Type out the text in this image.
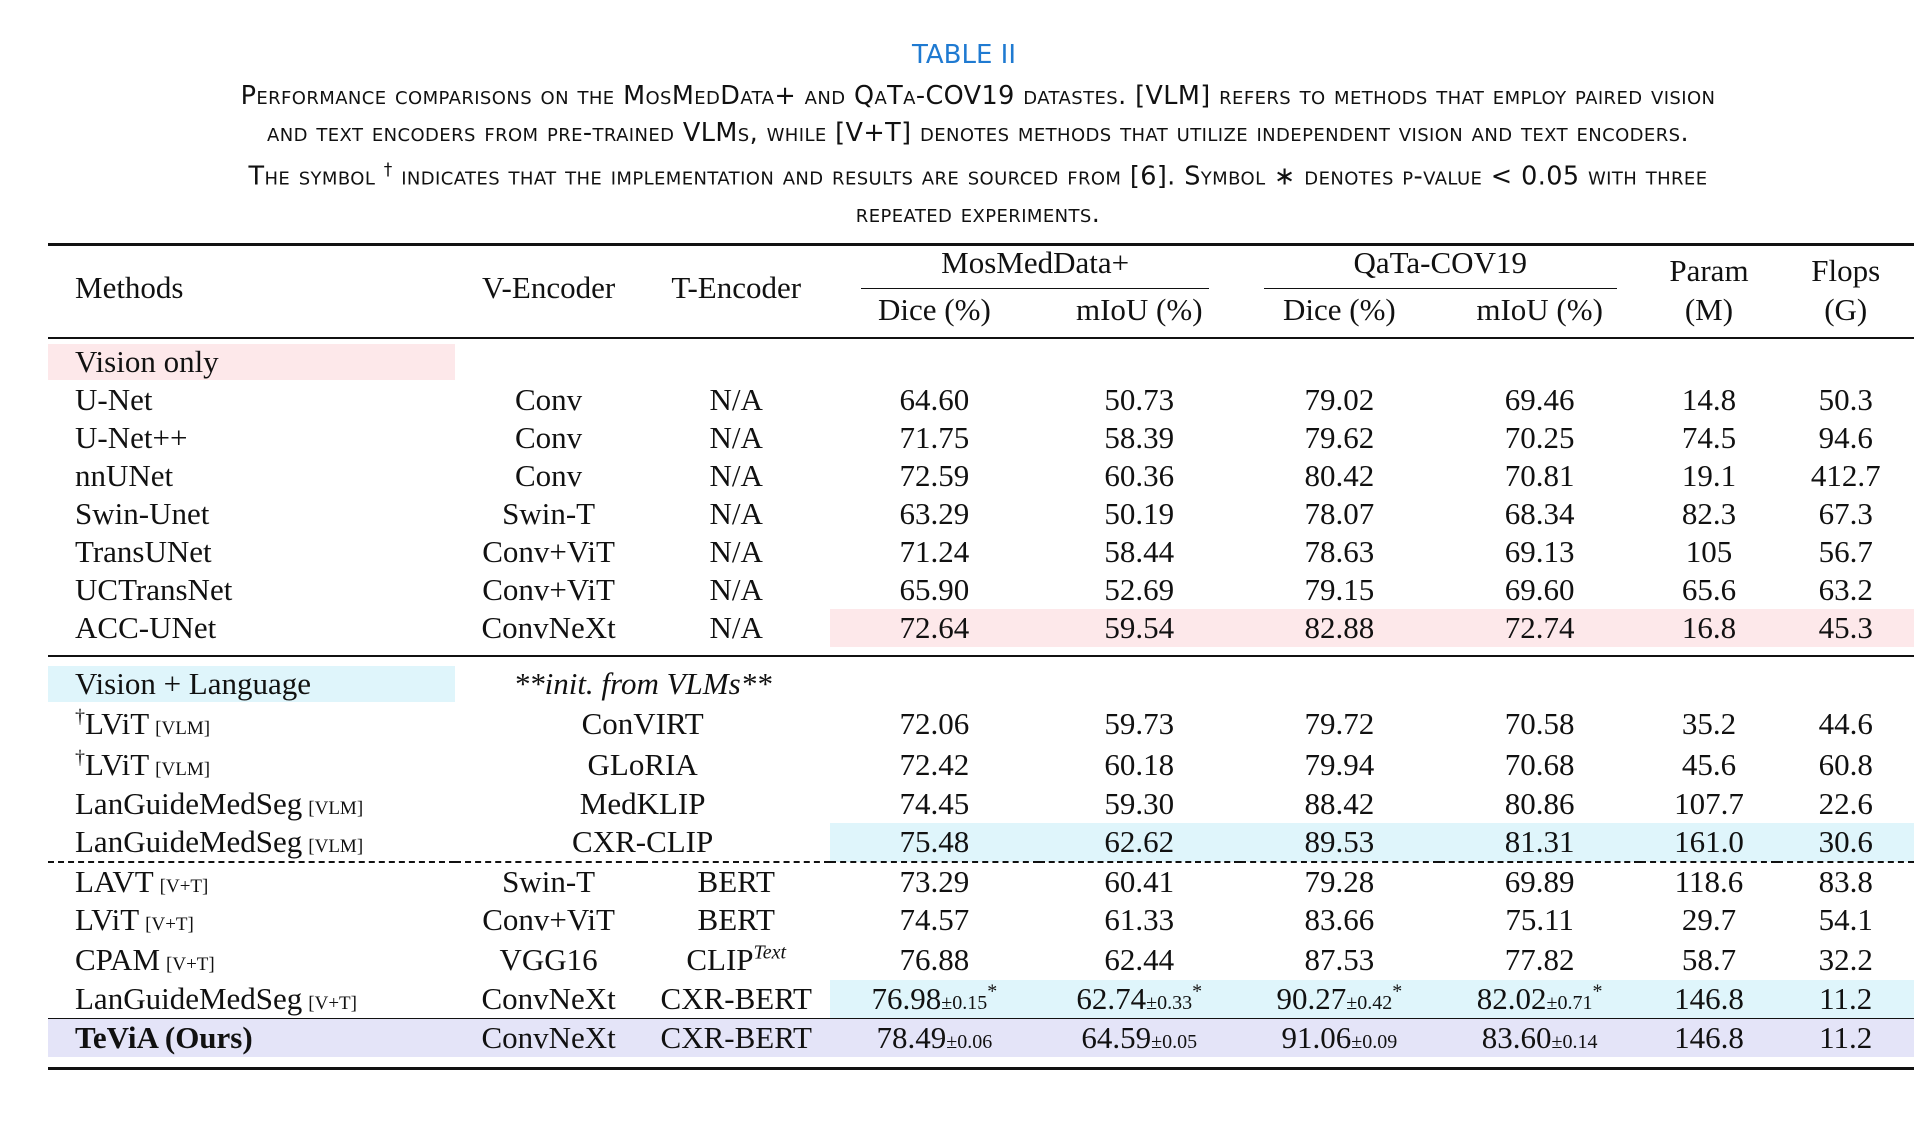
TABLE II
Performance comparisons on the MosMedData+ and QaTa-COV19 datastes. [VLM] refers to methods that employ paired vision
and text encoders from pre-trained VLMs, while [V+T] denotes methods that utilize independent vision and text encoders.
The symbol † indicates that the implementation and results are sourced from [6]. Symbol ∗ denotes p-value < 0.05 with three
repeated experiments.
Methods	V-Encoder	T-Encoder	MosMedData+		QaTa-COV19		Param	Flops
			Dice (%)	mIoU (%)	Dice (%)	mIoU (%)	(M)	(G)

Vision only								

U-Net	Conv	N/A	64.60	50.73	79.02	69.46	14.8	50.3
U-Net++	Conv	N/A	71.75	58.39	79.62	70.25	74.5	94.6
nnUNet	Conv	N/A	72.59	60.36	80.42	70.81	19.1	412.7
Swin-Unet	Swin-T	N/A	63.29	50.19	78.07	68.34	82.3	67.3
TransUNet	Conv+ViT	N/A	71.24	58.44	78.63	69.13	105	56.7
UCTransNet	Conv+ViT	N/A	65.90	52.69	79.15	69.60	65.6	63.2
ACC-UNet	ConvNeXt	N/A	72.64	59.54	82.88	72.74	16.8	45.3

Vision + Language	**init. from VLMs**							
†LViT [VLM]	ConVIRT		72.06	59.73	79.72	70.58	35.2	44.6
†LViT [VLM]	GLoRIA		72.42	60.18	79.94	70.68	45.6	60.8
LanGuideMedSeg [VLM]	MedKLIP		74.45	59.30	88.42	80.86	107.7	22.6
LanGuideMedSeg [VLM]	CXR-CLIP		75.48	62.62	89.53	81.31	161.0	30.6

LAVT [V+T]	Swin-T	BERT	73.29	60.41	79.28	69.89	118.6	83.8
LViT [V+T]	Conv+ViT	BERT	74.57	61.33	83.66	75.11	29.7	54.1
CPAM [V+T]	VGG16	$CLIP^{Text}$	76.88	62.44	87.53	77.82	58.7	32.2
LanGuideMedSeg [V+T]	ConvNeXt	CXR-BERT	76.98±0.15*	62.74±0.33*	90.27±0.42*	82.02±0.71*	146.8	11.2

TeViA (Ours)	ConvNeXt	CXR-BERT	78.49±0.06	64.59±0.05	91.06±0.09	83.60±0.14	146.8	11.2
